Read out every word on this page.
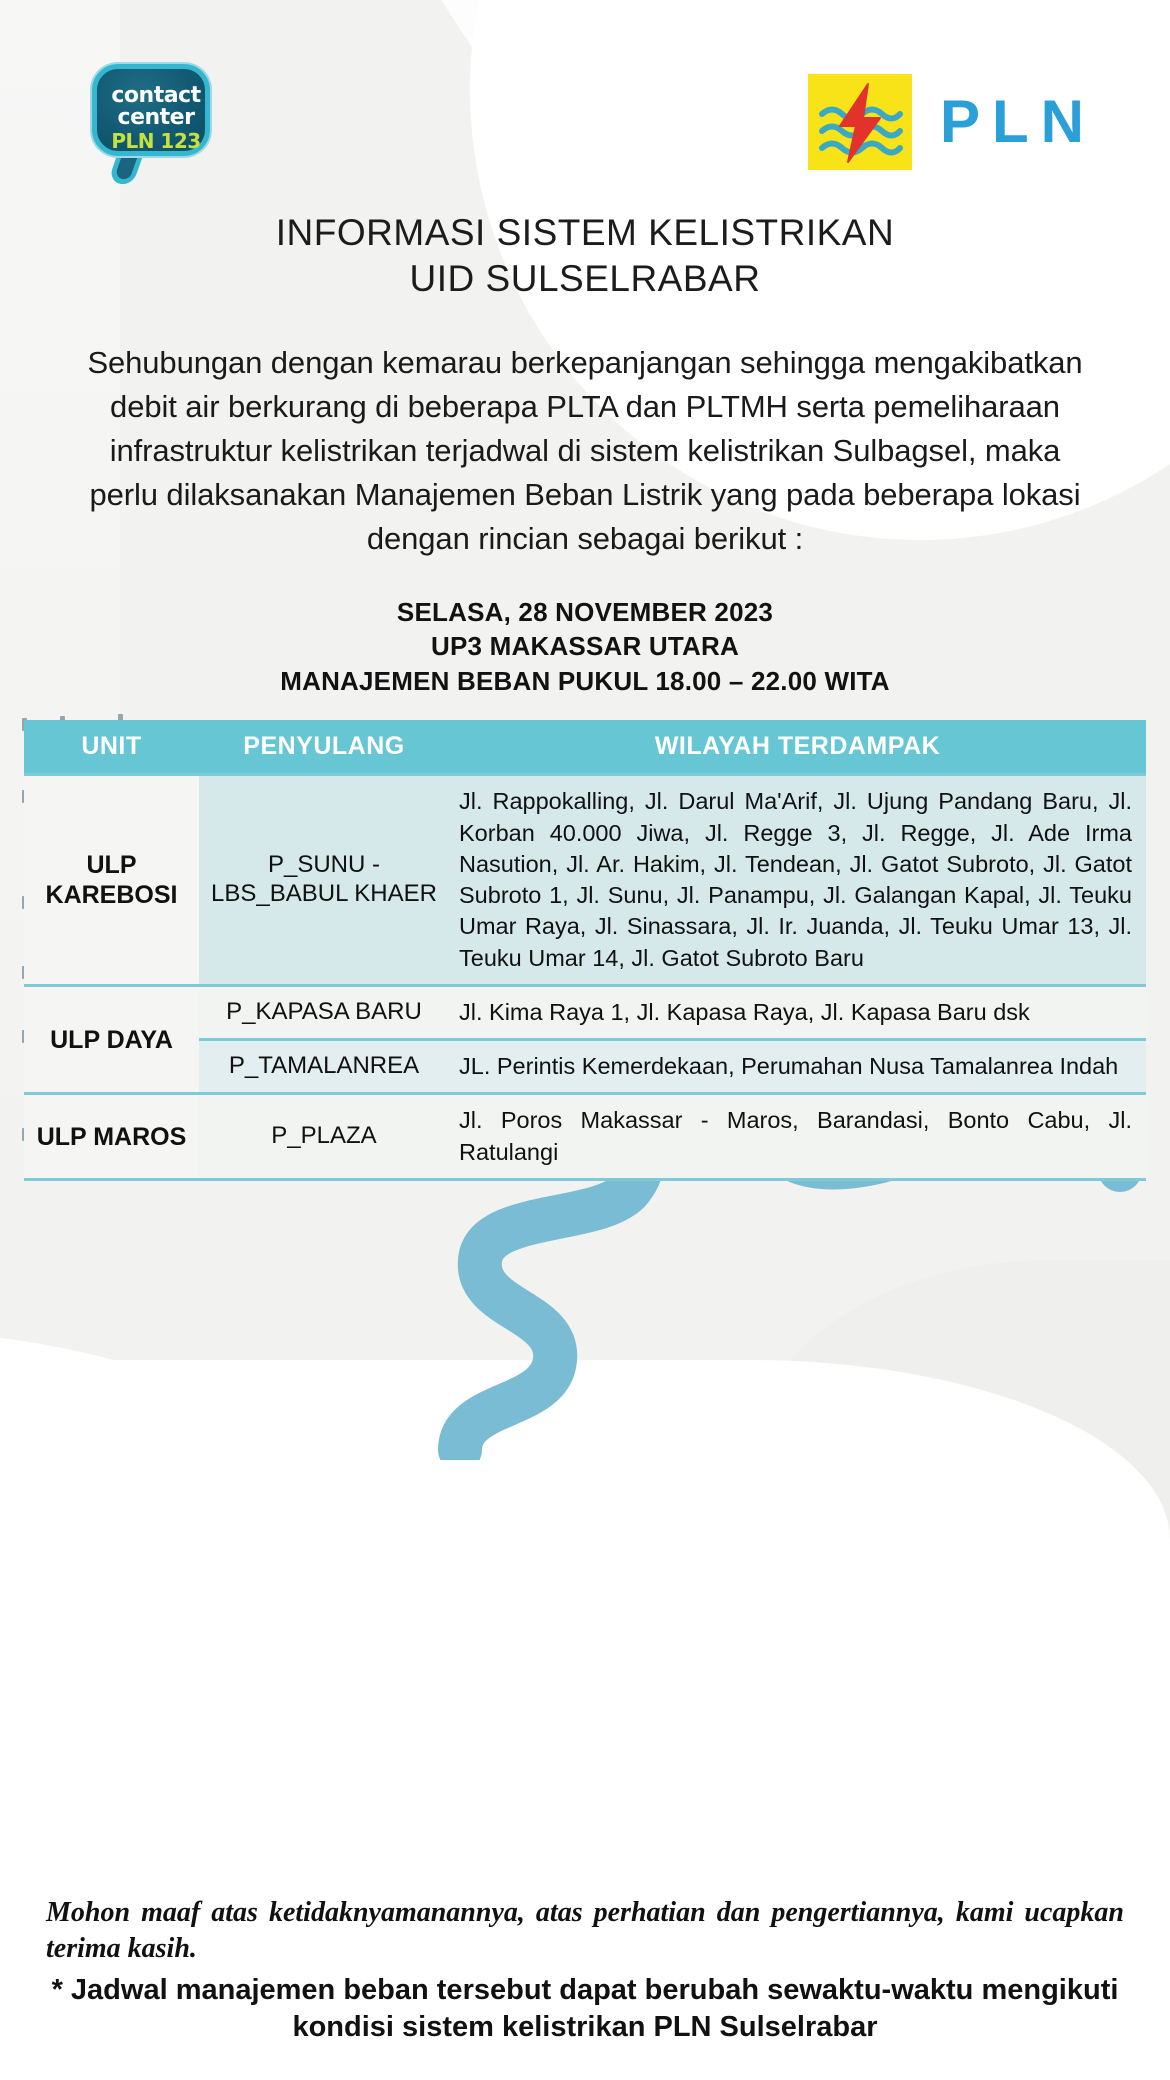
contact
center
PLN 123	PLN
INFORMASI SISTEM KELISTRIKAN
UID SULSELRABAR
Sehubungan dengan kemarau berkepanjangan sehingga mengakibatkan debit air berkurang di beberapa PLTA dan PLTMH serta pemeliharaan infrastruktur kelistrikan terjadwal di sistem kelistrikan Sulbagsel, maka perlu dilaksanakan Manajemen Beban Listrik yang pada beberapa lokasi dengan rincian sebagai berikut :
SELASA, 28 NOVEMBER 2023
UP3 MAKASSAR UTARA
MANAJEMEN BEBAN PUKUL 18.00 – 22.00 WITA
UNIT	PENYULANG	WILAYAH TERDAMPAK
ULP KAREBOSI	P_SUNU - LBS_BABUL KHAER	Jl. Rappokalling, Jl. Darul Ma'Arif, Jl. Ujung Pandang Baru, Jl. Korban 40.000 Jiwa, Jl. Regge 3, Jl. Regge, Jl. Ade Irma Nasution, Jl. Ar. Hakim, Jl. Tendean, Jl. Gatot Subroto, Jl. Gatot Subroto 1, Jl. Sunu, Jl. Panampu, Jl. Galangan Kapal, Jl. Teuku Umar Raya, Jl. Sinassara, Jl. Ir. Juanda, Jl. Teuku Umar 13, Jl. Teuku Umar 14, Jl. Gatot Subroto Baru
ULP DAYA	P_KAPASA BARU	Jl. Kima Raya 1, Jl. Kapasa Raya, Jl. Kapasa Baru dsk
	P_TAMALANREA	JL. Perintis Kemerdekaan, Perumahan Nusa Tamalanrea Indah
ULP MAROS	P_PLAZA	Jl. Poros Makassar - Maros, Barandasi, Bonto Cabu, Jl. Ratulangi
Mohon maaf atas ketidaknyamanannya, atas perhatian dan pengertiannya, kami ucapkan terima kasih.
* Jadwal manajemen beban tersebut dapat berubah sewaktu-waktu mengikuti kondisi sistem kelistrikan PLN Sulselrabar
